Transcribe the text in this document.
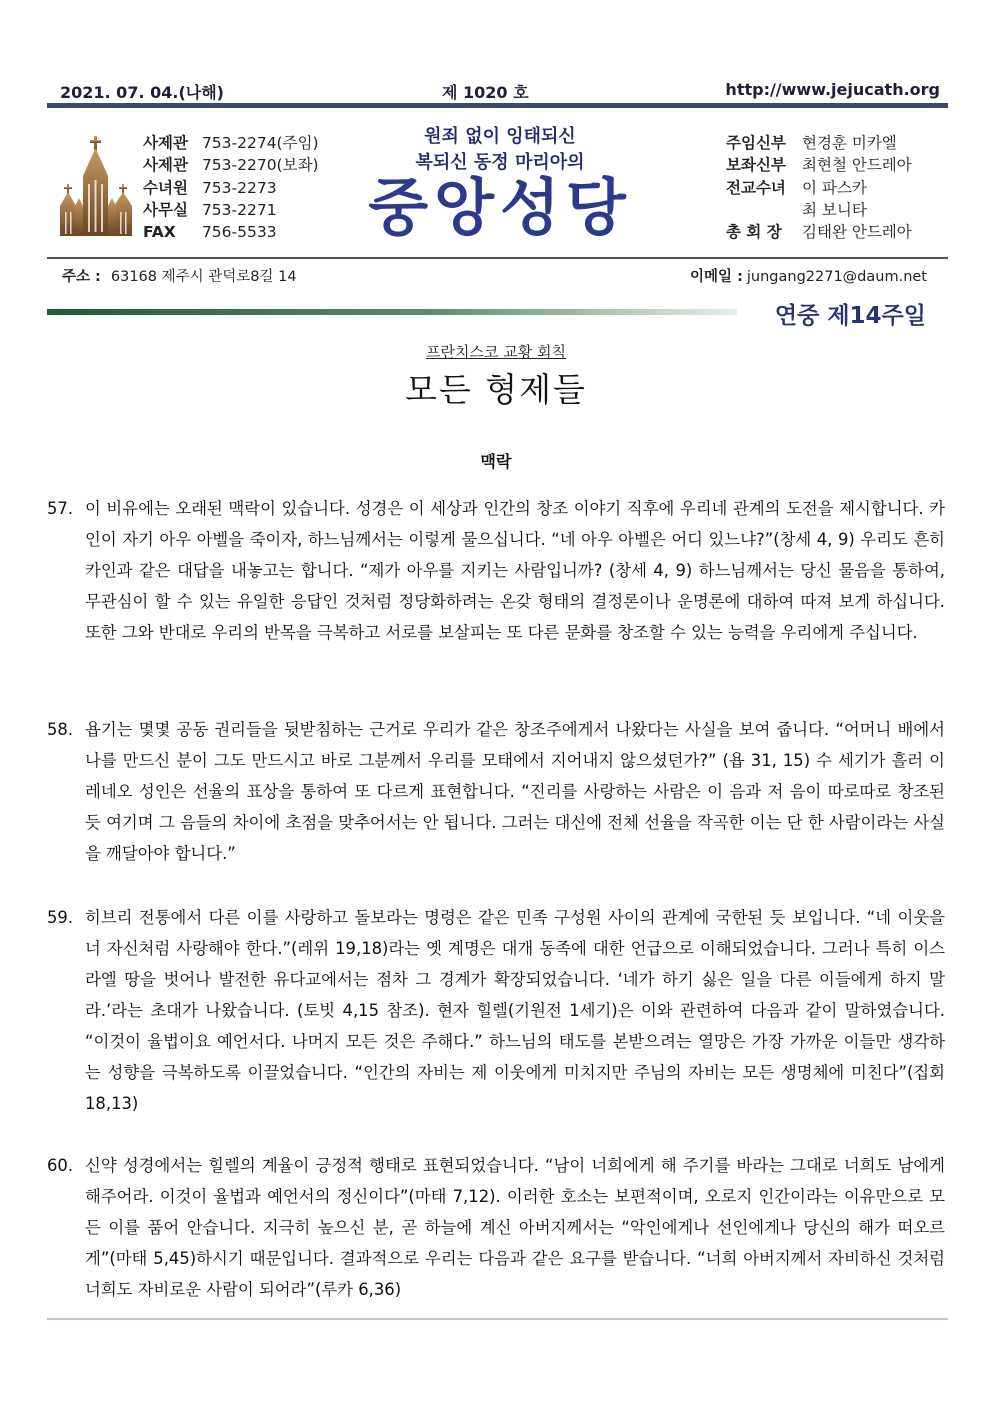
2021. 07. 04.(나해)	제 1020 호	http://www.jejucath.org
사제관 753-2274(주임)
사제관 753-2270(보좌)
수녀원 753-2273
사무실 753-2271
FAX 756-5533
원죄 없이 잉태되신
복되신 동정 마리아의
중앙성당
주임신부 현경훈 미카엘
보좌신부 최현철 안드레아
전교수녀 이 파스카
최 보니타
총 회 장 김태완 안드레아
주소 : 63168 제주시 관덕로8길 14	이메일 : jungang2271@daum.net
연중 제14주일
프란치스코 교황 회칙
모든 형제들
맥락
57. 이 비유에는 오래된 맥락이 있습니다. 성경은 이 세상과 인간의 창조 이야기 직후에 우리네 관계의 도전을 제시합니다. 카인이 자기 아우 아벨을 죽이자, 하느님께서는 이렇게 물으십니다. “네 아우 아벨은 어디 있느냐?”(창세 4, 9) 우리도 흔히 카인과 같은 대답을 내놓고는 합니다. “제가 아우를 지키는 사람입니까? (창세 4, 9) 하느님께서는 당신 물음을 통하여, 무관심이 할 수 있는 유일한 응답인 것처럼 정당화하려는 온갖 형태의 결정론이나 운명론에 대하여 따져 보게 하십니다. 또한 그와 반대로 우리의 반목을 극복하고 서로를 보살피는 또 다른 문화를 창조할 수 있는 능력을 우리에게 주십니다.
58. 욥기는 몇몇 공동 권리들을 뒷받침하는 근거로 우리가 같은 창조주에게서 나왔다는 사실을 보여 줍니다. “어머니 배에서 나를 만드신 분이 그도 만드시고 바로 그분께서 우리를 모태에서 지어내지 않으셨던가?” (욥 31, 15) 수 세기가 흘러 이레네오 성인은 선율의 표상을 통하여 또 다르게 표현합니다. “진리를 사랑하는 사람은 이 음과 저 음이 따로따로 창조된 듯 여기며 그 음들의 차이에 초점을 맞추어서는 안 됩니다. 그러는 대신에 전체 선율을 작곡한 이는 단 한 사람이라는 사실을 깨달아야 합니다.”
59. 히브리 전통에서 다른 이를 사랑하고 돌보라는 명령은 같은 민족 구성원 사이의 관계에 국한된 듯 보입니다. “네 이웃을 너 자신처럼 사랑해야 한다.”(레위 19,18)라는 옛 계명은 대개 동족에 대한 언급으로 이해되었습니다. 그러나 특히 이스라엘 땅을 벗어나 발전한 유다교에서는 점차 그 경계가 확장되었습니다. ‘네가 하기 싫은 일을 다른 이들에게 하지 말라.’라는 초대가 나왔습니다. (토빗 4,15 참조). 현자 힐렐(기원전 1세기)은 이와 관련하여 다음과 같이 말하였습니다. “이것이 율법이요 예언서다. 나머지 모든 것은 주해다.” 하느님의 태도를 본받으려는 열망은 가장 가까운 이들만 생각하는 성향을 극복하도록 이끌었습니다. “인간의 자비는 제 이웃에게 미치지만 주님의 자비는 모든 생명체에 미친다”(집회 18,13)
60. 신약 성경에서는 힐렐의 계율이 긍정적 행태로 표현되었습니다. “남이 너희에게 해 주기를 바라는 그대로 너희도 남에게 해주어라. 이것이 율법과 예언서의 정신이다”(마태 7,12). 이러한 호소는 보편적이며, 오로지 인간이라는 이유만으로 모든 이를 품어 안습니다. 지극히 높으신 분, 곧 하늘에 계신 아버지께서는 “악인에게나 선인에게나 당신의 해가 떠오르게”(마태 5,45)하시기 때문입니다. 결과적으로 우리는 다음과 같은 요구를 받습니다. “너희 아버지께서 자비하신 것처럼 너희도 자비로운 사람이 되어라”(루카 6,36)
